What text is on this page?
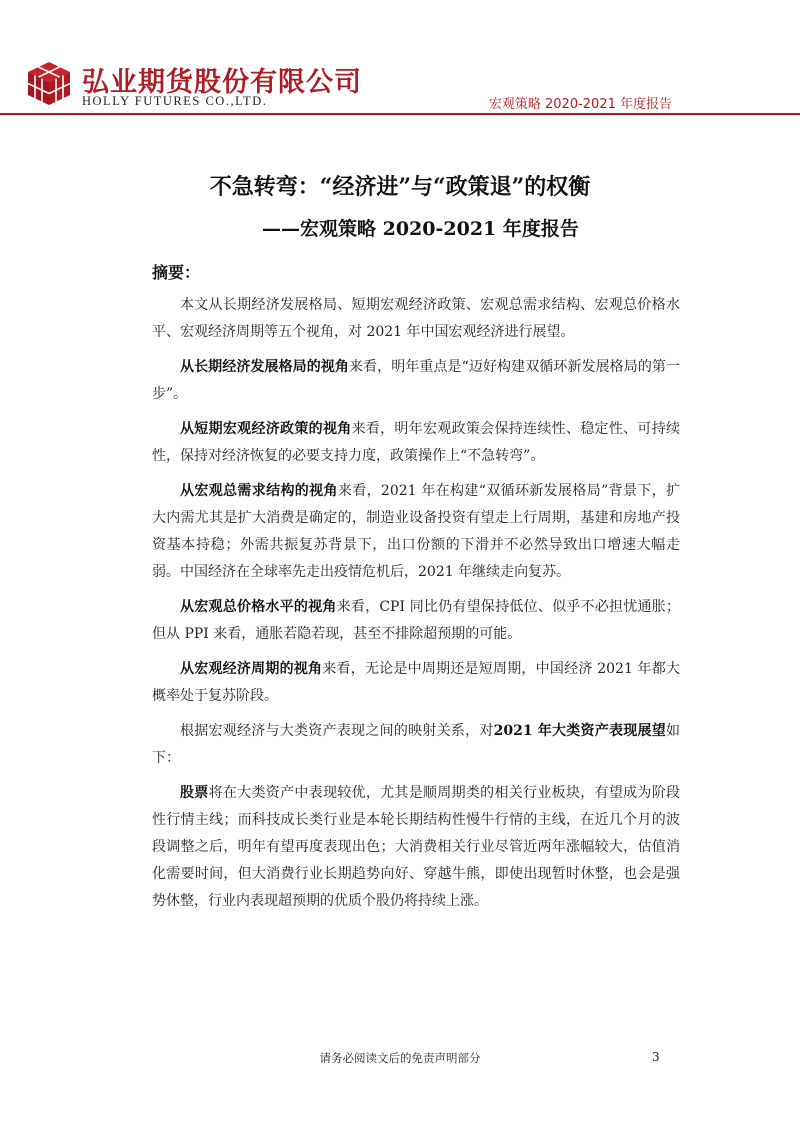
弘业期货股份有限公司
HOLLY FUTURES CO.,LTD.	宏观策略 2020-2021 年度报告
不急转弯：“经济进”与“政策退”的权衡
——宏观策略 2020-2021 年度报告
摘要：

本文从长期经济发展格局、短期宏观经济政策、宏观总需求结构、宏观总价格水平、宏观经济周期等五个视角，对 2021 年中国宏观经济进行展望。

从长期经济发展格局的视角来看，明年重点是“迈好构建双循环新发展格局的第一步”。

从短期宏观经济政策的视角来看，明年宏观政策会保持连续性、稳定性、可持续性，保持对经济恢复的必要支持力度，政策操作上“不急转弯”。

从宏观总需求结构的视角来看，2021 年在构建“双循环新发展格局”背景下，扩大内需尤其是扩大消费是确定的，制造业设备投资有望走上行周期，基建和房地产投资基本持稳；外需共振复苏背景下，出口份额的下滑并不必然导致出口增速大幅走弱。中国经济在全球率先走出疫情危机后，2021 年继续走向复苏。

从宏观总价格水平的视角来看，CPI 同比仍有望保持低位、似乎不必担忧通胀；但从 PPI 来看，通胀若隐若现，甚至不排除超预期的可能。

从宏观经济周期的视角来看，无论是中周期还是短周期，中国经济 2021 年都大概率处于复苏阶段。

根据宏观经济与大类资产表现之间的映射关系，对2021 年大类资产表现展望如下：

股票将在大类资产中表现较优，尤其是顺周期类的相关行业板块，有望成为阶段性行情主线；而科技成长类行业是本轮长期结构性慢牛行情的主线，在近几个月的波段调整之后，明年有望再度表现出色；大消费相关行业尽管近两年涨幅较大，估值消化需要时间，但大消费行业长期趋势向好、穿越牛熊，即使出现暂时休整，也会是强势休整，行业内表现超预期的优质个股仍将持续上涨。

请务必阅读文后的免责声明部分	3
